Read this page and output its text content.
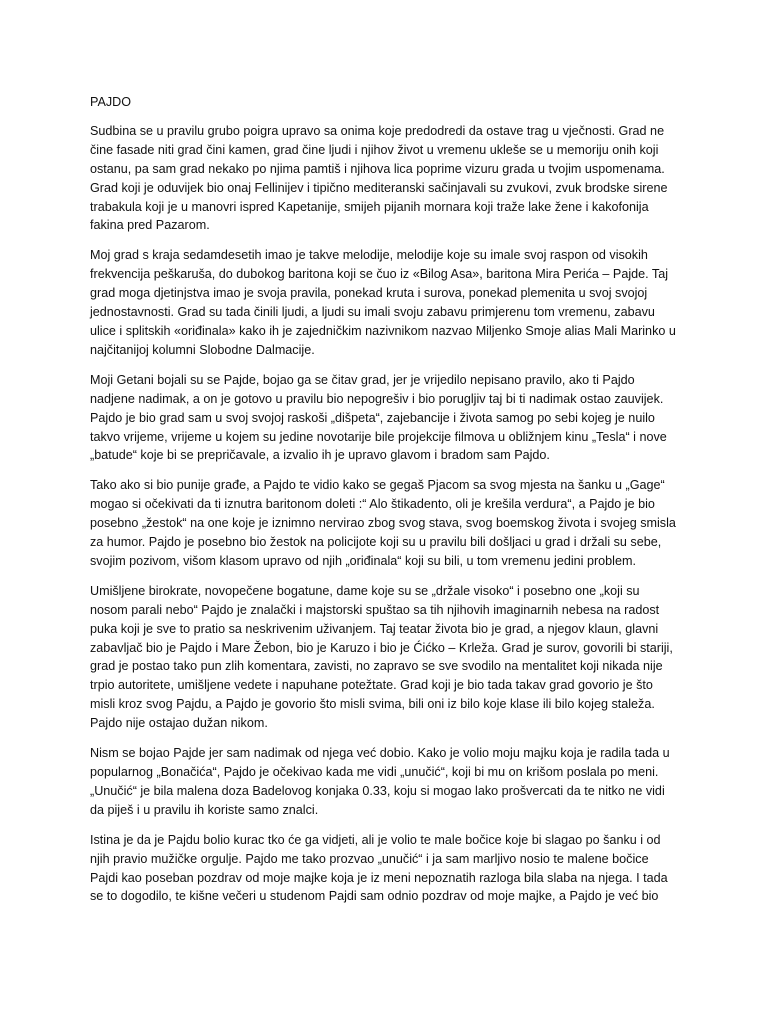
PAJDO

Sudbina se u pravilu grubo poigra upravo sa onima koje predodredi da ostave trag u vječnosti. Grad ne čine fasade niti grad čini kamen, grad čine ljudi i njihov život u vremenu ukleše se u memoriju onih koji ostanu, pa sam grad nekako po njima pamtiš i njihova lica poprime vizuru grada u tvojim uspomenama. Grad koji je oduvijek bio onaj Fellinijev i tipično mediteranski sačinjavali su zvukovi, zvuk brodske sirene trabakula koji je u manovri ispred Kapetanije, smijeh pijanih mornara koji traže lake žene i kakofonija fakina pred Pazarom.

Moj grad s kraja sedamdesetih imao je takve melodije, melodije koje su imale svoj raspon od visokih frekvencija peškaruša, do dubokog baritona koji se čuo iz «Bilog Asa», baritona Mira Perića – Pajde. Taj grad moga djetinjstva imao je svoja pravila, ponekad kruta i surova, ponekad plemenita u svoj svojoj jednostavnosti. Grad su tada činili ljudi, a ljudi su imali svoju zabavu primjerenu tom vremenu, zabavu ulice i splitskih «oriđinala» kako ih je zajedničkim nazivnikom nazvao Miljenko Smoje alias Mali Marinko u najčitanijoj kolumni Slobodne Dalmacije.

Moji Getani bojali su se Pajde, bojao ga se čitav grad, jer je vrijedilo nepisano pravilo, ako ti Pajdo nadjene nadimak, a on je gotovo u pravilu bio nepogrešiv i bio porugljiv taj bi ti nadimak ostao zauvijek. Pajdo je bio grad sam u svoj svojoj raskoši „dišpeta“, zajebancije i života samog po sebi kojeg je nuilo takvo vrijeme, vrijeme u kojem su jedine novotarije bile projekcije filmova u obližnjem kinu „Tesla“ i nove „batude“ koje bi se prepričavale, a izvalio ih je upravo glavom i bradom sam Pajdo.

Tako ako si bio punije građe, a Pajdo te vidio kako se gegaš Pjacom sa svog mjesta na šanku u „Gage“ mogao si očekivati da ti iznutra baritonom doleti :“ Alo štikadento, oli je krešila verdura“, a Pajdo je bio posebno „žestok“ na one koje je iznimno nervirao zbog svog stava, svog boemskog života i svojeg smisla za humor. Pajdo je posebno bio žestok na policijote koji su u pravilu bili došljaci u grad i držali su sebe, svojim pozivom, višom klasom upravo od njih „oriđinala“ koji su bili, u tom vremenu jedini problem.

Umišljene birokrate, novopečene bogatune, dame koje su se „držale visoko“ i posebno one „koji su nosom parali nebo“ Pajdo je znalački i majstorski spuštao sa tih njihovih imaginarnih nebesa na radost puka koji je sve to pratio sa neskrivenim uživanjem. Taj teatar života bio je grad, a njegov klaun, glavni zabavljač bio je Pajdo i Mare Žebon, bio je Karuzo i bio je Ćićko – Krleža. Grad je surov, govorili bi stariji, grad je postao tako pun zlih komentara, zavisti, no zapravo se sve svodilo na mentalitet koji nikada nije trpio autoritete, umišljene vedete i napuhane potežtate. Grad koji je bio tada takav grad govorio je što misli kroz svog Pajdu, a Pajdo je govorio što misli svima, bili oni iz bilo koje klase ili bilo kojeg staleža. Pajdo nije ostajao dužan nikom.

Nism se bojao Pajde jer sam nadimak od njega već dobio. Kako je volio moju majku koja je radila tada u popularnog „Bonačića“, Pajdo je očekivao kada me vidi „unučić“, koji bi mu on krišom poslala po meni. „Unučić“ je bila malena doza Badelovog konjaka 0.33, koju si mogao lako prošvercati da te nitko ne vidi da piješ i u pravilu ih koriste samo znalci.

Istina je da je Pajdu bolio kurac tko će ga vidjeti, ali je volio te male bočice koje bi slagao po šanku i od njih pravio mužičke orgulje. Pajdo me tako prozvao „unučić“ i ja sam marljivo nosio te malene bočice Pajdi kao poseban pozdrav od moje majke koja je iz meni nepoznatih razloga bila slaba na njega. I tada se to dogodilo, te kišne večeri u studenom Pajdi sam odnio pozdrav od moje majke, a Pajdo je već bio
